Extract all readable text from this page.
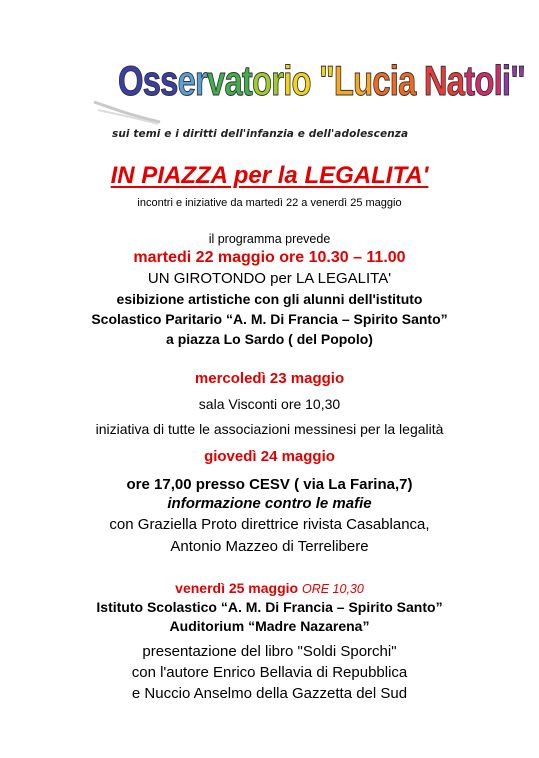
Osservatorio "Lucia Natoli"
sui temi e i diritti dell'infanzia e dell'adolescenza
IN PIAZZA per la LEGALITA'
incontri e iniziative da martedì 22 a venerdì 25 maggio
il programma prevede
martedi 22 maggio ore 10.30 – 11.00
UN GIROTONDO per LA LEGALITA'
esibizione artistiche con gli alunni dell'istituto
Scolastico Paritario “A. M. Di Francia – Spirito Santo”
a piazza Lo Sardo ( del Popolo)
mercoledì 23 maggio
sala Visconti ore 10,30
iniziativa di tutte le associazioni messinesi per la legalità
giovedì 24 maggio
ore 17,00 presso CESV ( via La Farina,7)
informazione contro le mafie
con Graziella Proto direttrice rivista Casablanca,
Antonio Mazzeo di Terrelibere
venerdì 25 maggio ORE 10,30
Istituto Scolastico “A. M. Di Francia – Spirito Santo”
Auditorium “Madre Nazarena”
presentazione del libro "Soldi Sporchi"
con l'autore Enrico Bellavia di Repubblica
e Nuccio Anselmo della Gazzetta del Sud
